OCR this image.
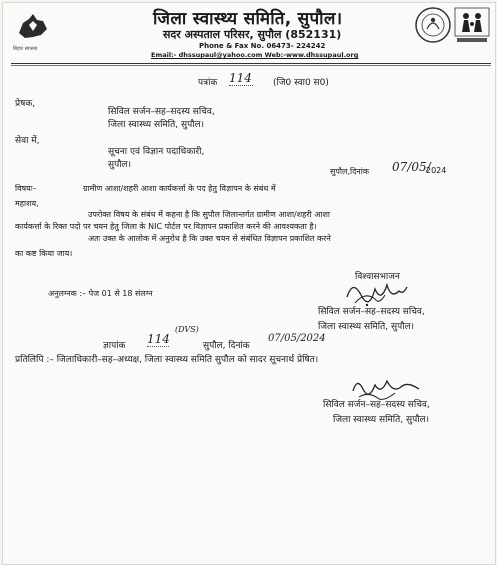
बिहार स्वास्थ्य
जिला स्वास्थ्य समिति, सुपौल।
सदर अस्पताल परिसर, सुपौल (852131)
Phone & Fax No. 06473- 224242
Email:- dhssupaul@yahoo.com Web:-www.dhssupaul.org
पत्रांक 114 (जि0 स्वा0 स0)
प्रेषक,
सिविल सर्जन–सह–सदस्य सचिव,
जिला स्वास्थ्य समिति, सुपौल।
सेवा में,
सूचना एवं विज्ञान पदाधिकारी,
सुपौल।
सुपौल,दिनांक 07/05/
2024
विषयः–	ग्रामीण आशा/शहरी आशा कार्यकर्त्ता के पद हेतु विज्ञापन के संबंध में
महाशय,
उपरोक्त विषय के संबंध में कहना है कि सुपौल जिलान्तर्गत ग्रामीण आशा/शहरी आशा
कार्यकर्त्ता के रिक्त पदो पर चयन हेतु जिला के NIC पोर्टल पर विज्ञापन प्रकाशित करने की आवश्यकता है।
अतः उक्त के आलोक में अनुरोध है कि उक्त चयन से संबंधित विज्ञापन प्रकाशित करने
का कष्ट किया जाय।
विश्वासभाजन
अनुलग्नक :– पेज 01 से 18 संलग्न
सिविल सर्जन–सह–सदस्य सचिव,
जिला स्वास्थ्य समिति, सुपौल।
ज्ञापांक 114
(DVS)
सुपौल, दिनांक
07/05/2024
प्रतिलिपि :– जिलाधिकारी–सह–अध्यक्ष, जिला स्वास्थ्य समिति सुपौल को सादर सूचनार्थ प्रेषित।
सिविल सर्जन–सह–सदस्य सचिव,
जिला स्वास्थ्य समिति, सुपौल।
